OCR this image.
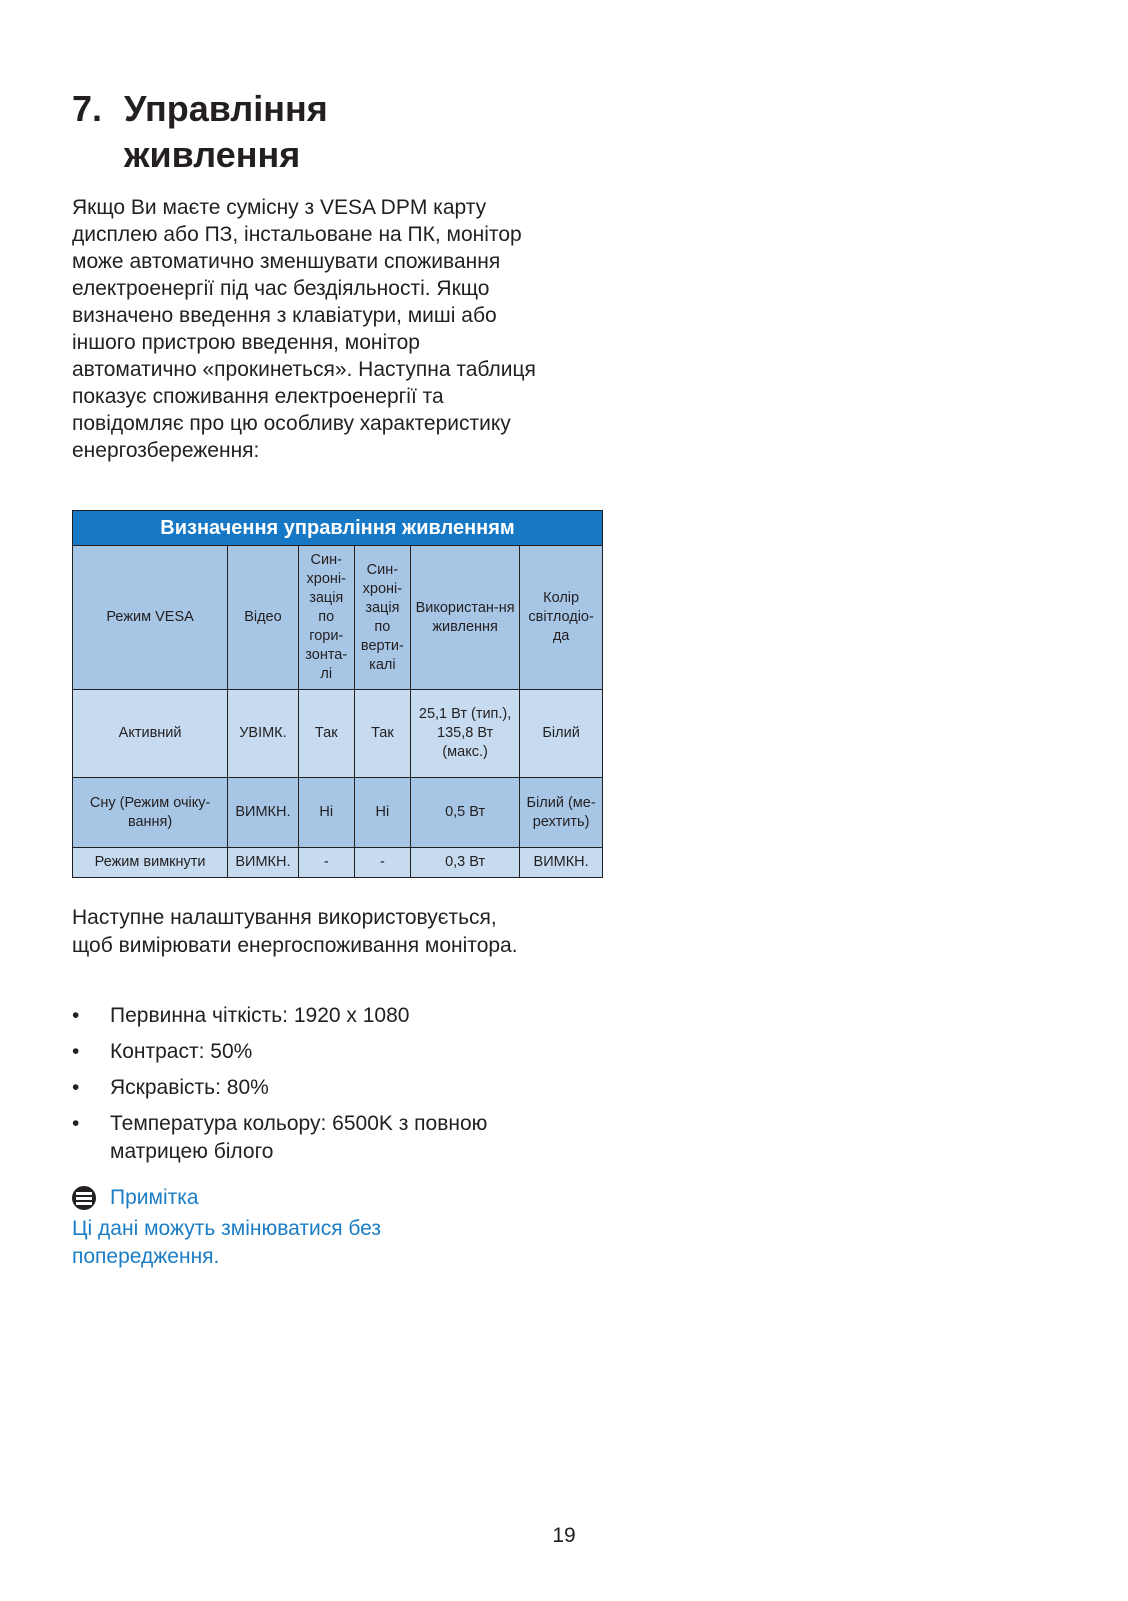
7. Управління
живлення

Якщо Ви маєте сумісну з VESA DPM карту дисплею або ПЗ, інстальоване на ПК, монітор може автоматично зменшувати споживання електроенергії під час бездіяльності. Якщо визначено введення з клавіатури, миші або іншого пристрою введення, монітор автоматично «прокинеться». Наступна таблиця показує споживання електроенергії та повідомляє про цю особливу характеристику енергозбереження:

Визначення управління живленням					
Режим VESA	Відео	Син-хроні-зація по гори-зонта-лі	Син-хроні-зація по верти-калі	Використан-ня живлення	Колір світлодіо-да
Активний	УВІМК.	Так	Так	25,1 Вт (тип.), 135,8 Вт (макс.)	Білий
Сну (Режим очіку-вання)	ВИМКН.	Ні	Ні	0,5 Вт	Білий (ме-рехтить)
Режим вимкнути	ВИМКН.	-	-	0,3 Вт	ВИМКН.

Наступне налаштування використовується, щоб вимірювати енергоспоживання монітора.

• Первинна чіткість: 1920 x 1080
• Контраст: 50%
• Яскравість: 80%
• Температура кольору: 6500K з повною матрицею білого
Примітка

Ці дані можуть змінюватися без попередження.

19
